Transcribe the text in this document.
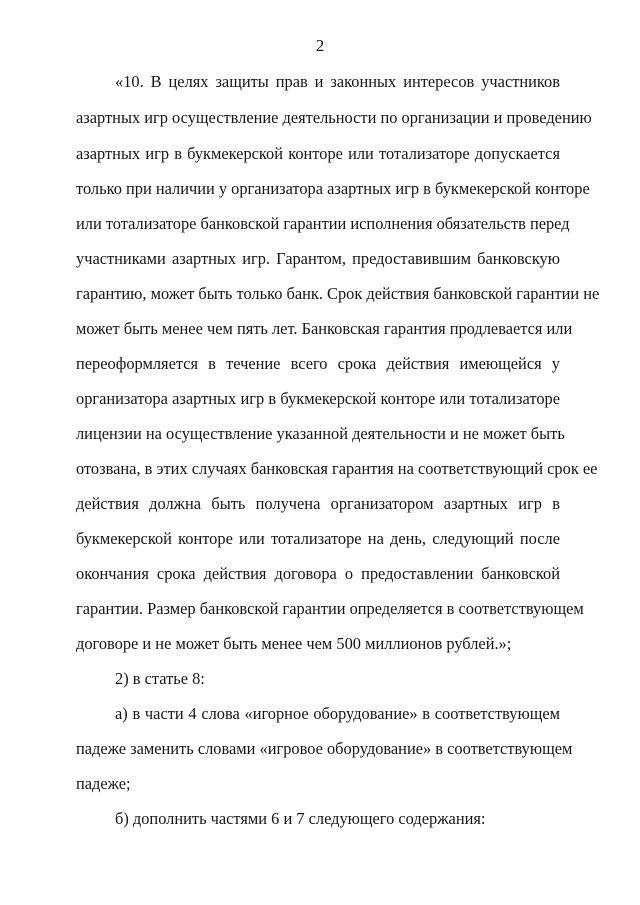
2
«10. В целях защиты прав и законных интересов участников
азартных игр осуществление деятельности по организации и проведению
азартных игр в букмекерской конторе или тотализаторе допускается
только при наличии у организатора азартных игр в букмекерской конторе
или тотализаторе банковской гарантии исполнения обязательств перед
участниками азартных игр. Гарантом, предоставившим банковскую
гарантию, может быть только банк. Срок действия банковской гарантии не
может быть менее чем пять лет. Банковская гарантия продлевается или
переоформляется в течение всего срока действия имеющейся у
организатора азартных игр в букмекерской конторе или тотализаторе
лицензии на осуществление указанной деятельности и не может быть
отозвана, в этих случаях банковская гарантия на соответствующий срок ее
действия должна быть получена организатором азартных игр в
букмекерской конторе или тотализаторе на день, следующий после
окончания срока действия договора о предоставлении банковской
гарантии. Размер банковской гарантии определяется в соответствующем
договоре и не может быть менее чем 500 миллионов рублей.»;
2) в статье 8:
а) в части 4 слова «игорное оборудование» в соответствующем
падеже заменить словами «игровое оборудование» в соответствующем
падеже;
б) дополнить частями 6 и 7 следующего содержания:
